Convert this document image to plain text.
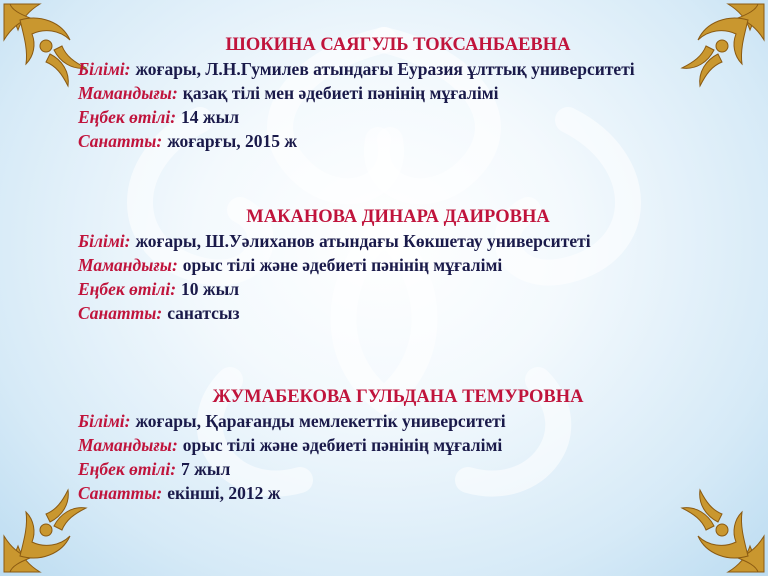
ШОКИНА САЯГУЛЬ ТОКСАНБАЕВНА
Білімі: жоғары, Л.Н.Гумилев атындағы Еуразия ұлттық университеті
Мамандығы: қазақ тілі мен әдебиеті пәнінің мұғалімі
Еңбек өтілі: 14 жыл
Санатты: жоғарғы, 2015 ж
МАКАНОВА ДИНАРА ДАИРОВНА
Білімі: жоғары, Ш.Уәлиханов атындағы Көкшетау университеті
Мамандығы: орыс тілі және әдебиеті пәнінің мұғалімі
Еңбек өтілі: 10 жыл
Санатты: санатсыз
ЖУМАБЕКОВА ГУЛЬДАНА ТЕМУРОВНА
Білімі: жоғары, Қарағанды мемлекеттік университеті
Мамандығы: орыс тілі және әдебиеті пәнінің мұғалімі
Еңбек өтілі: 7 жыл
Санатты: екінші, 2012 ж
